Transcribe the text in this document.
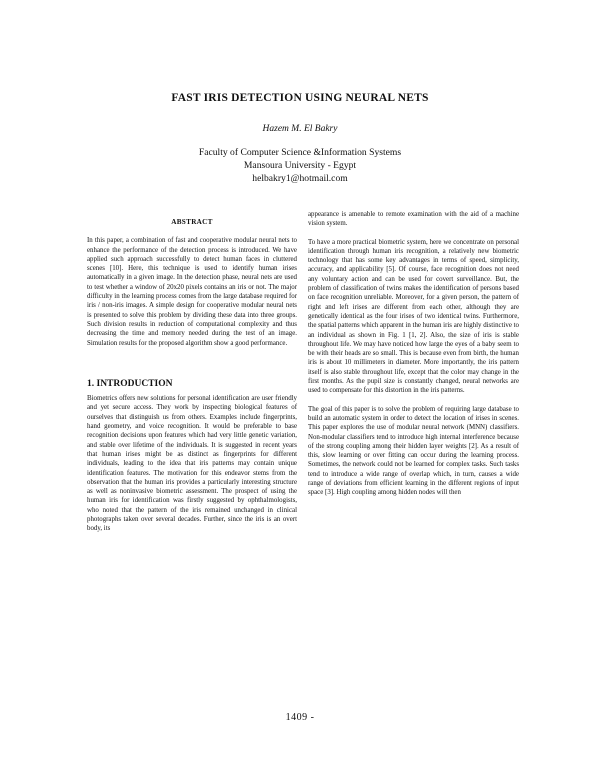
FAST IRIS DETECTION USING NEURAL NETS
Hazem M. El Bakry
Faculty of Computer Science &Information Systems
Mansoura University - Egypt
helbakry1@hotmail.com
ABSTRACT

In this paper, a combination of fast and cooperative modular neural nets to enhance the performance of the detection process is introduced. We have applied such approach successfully to detect human faces in cluttered scenes [10]. Here, this technique is used to identify human irises automatically in a given image. In the detection phase, neural nets are used to test whether a window of 20x20 pixels contains an iris or not. The major difficulty in the learning process comes from the large database required for iris / non-iris images. A simple design for cooperative modular neural nets is presented to solve this problem by dividing these data into three groups. Such division results in reduction of computational complexity and thus decreasing the time and memory needed during the test of an image. Simulation results for the proposed algorithm show a good performance.

1. INTRODUCTION

Biometrics offers new solutions for personal identification are user friendly and yet secure access. They work by inspecting biological features of ourselves that distinguish us from others. Examples include fingerprints, hand geometry, and voice recognition. It would be preferable to base recognition decisions upon features which had very little genetic variation, and stable over lifetime of the individuals. It is suggested in recent years that human irises might be as distinct as fingerprints for different individuals, leading to the idea that iris patterns may contain unique identification features. The motivation for this endeavor stems from the observation that the human iris provides a particularly interesting structure as well as noninvasive biometric assessment. The prospect of using the human iris for identification was firstly suggested by ophthalmologists, who noted that the pattern of the iris remained unchanged in clinical photographs taken over several decades. Further, since the iris is an overt body, its

appearance is amenable to remote examination with the aid of a machine vision system.

To have a more practical biometric system, here we concentrate on personal identification through human iris recognition, a relatively new biometric technology that has some key advantages in terms of speed, simplicity, accuracy, and applicability [5]. Of course, face recognition does not need any voluntary action and can be used for covert surveillance. But, the problem of classification of twins makes the identification of persons based on face recognition unreliable. Moreover, for a given person, the pattern of right and left irises are different from each other, although they are genetically identical as the four irises of two identical twins. Furthermore, the spatial patterns which apparent in the human iris are highly distinctive to an individual as shown in Fig. 1 [1, 2]. Also, the size of iris is stable throughout life. We may have noticed how large the eyes of a baby seem to be with their heads are so small. This is because even from birth, the human iris is about 10 millimeters in diameter. More importantly, the iris pattern itself is also stable throughout life, except that the color may change in the first months. As the pupil size is constantly changed, neural networks are used to compensate for this distortion in the iris patterns.

The goal of this paper is to solve the problem of requiring large database to build an automatic system in order to detect the location of irises in scenes. This paper explores the use of modular neural network (MNN) classifiers. Non-modular classifiers tend to introduce high internal interference because of the strong coupling among their hidden layer weights [2]. As a result of this, slow learning or over fitting can occur during the learning process. Sometimes, the network could not be learned for complex tasks. Such tasks tend to introduce a wide range of overlap which, in turn, causes a wide range of deviations from efficient learning in the different regions of input space [3]. High coupling among hidden nodes will then

1409 -
